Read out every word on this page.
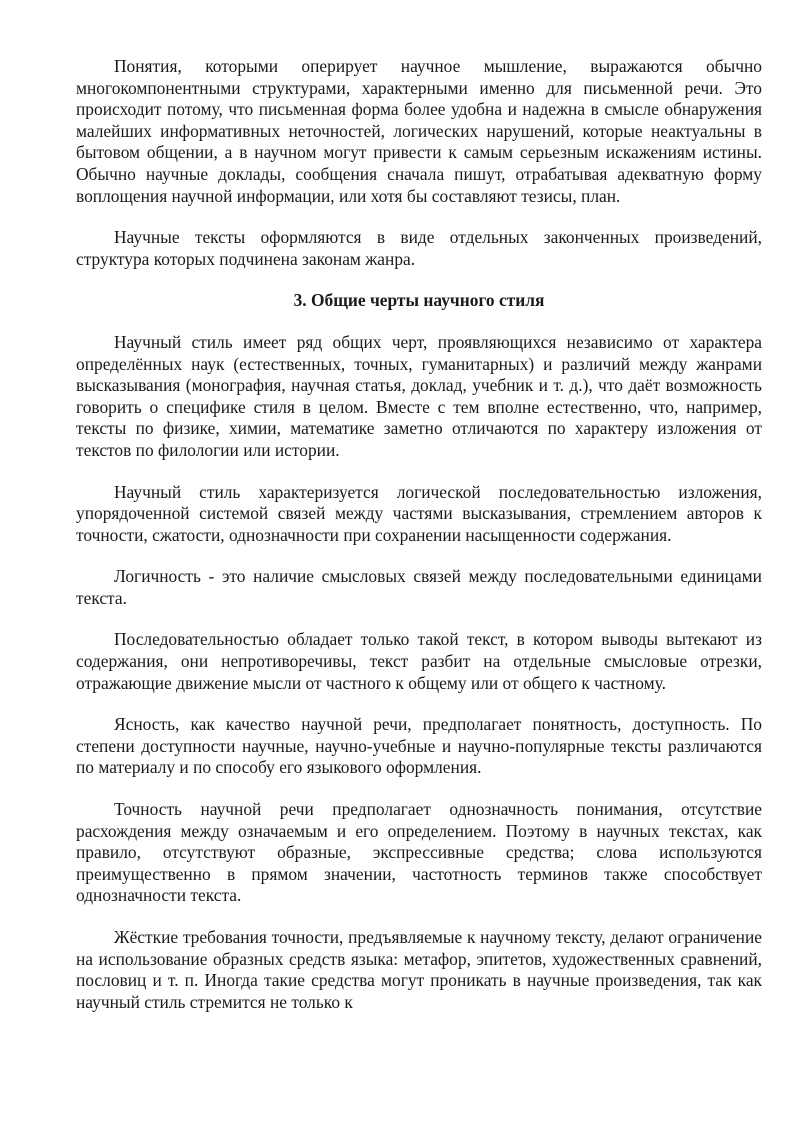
Понятия, которыми оперирует научное мышление, выражаются обычно многокомпонентными структурами, характерными именно для письменной речи. Это происходит потому, что письменная форма более удобна и надежна в смысле обнаружения малейших информативных неточностей, логических нарушений, которые неактуальны в бытовом общении, а в научном могут привести к самым серьезным искажениям истины. Обычно научные доклады, сообщения сначала пишут, отрабатывая адекватную форму воплощения научной информации, или хотя бы составляют тезисы, план.

Научные тексты оформляются в виде отдельных законченных произведений, структура которых подчинена законам жанра.

3. Общие черты научного стиля

Научный стиль имеет ряд общих черт, проявляющихся независимо от характера определённых наук (естественных, точных, гуманитарных) и различий между жанрами высказывания (монография, научная статья, доклад, учебник и т. д.), что даёт возможность говорить о специфике стиля в целом. Вместе с тем вполне естественно, что, например, тексты по физике, химии, математике заметно отличаются по характеру изложения от текстов по филологии или истории.

Научный стиль характеризуется логической последовательностью изложения, упорядоченной системой связей между частями высказывания, стремлением авторов к точности, сжатости, однозначности при сохранении насыщенности содержания.

Логичность - это наличие смысловых связей между последовательными единицами текста.

Последовательностью обладает только такой текст, в котором выводы вытекают из содержания, они непротиворечивы, текст разбит на отдельные смысловые отрезки, отражающие движение мысли от частного к общему или от общего к частному.

Ясность, как качество научной речи, предполагает понятность, доступность. По степени доступности научные, научно-учебные и научно-популярные тексты различаются по материалу и по способу его языкового оформления.

Точность научной речи предполагает однозначность понимания, отсутствие расхождения между означаемым и его определением. Поэтому в научных текстах, как правило, отсутствуют образные, экспрессивные средства; слова используются преимущественно в прямом значении, частотность терминов также способствует однозначности текста.

Жёсткие требования точности, предъявляемые к научному тексту, делают ограничение на использование образных средств языка: метафор, эпитетов, художественных сравнений, пословиц и т. п. Иногда такие средства могут проникать в научные произведения, так как научный стиль стремится не только к
